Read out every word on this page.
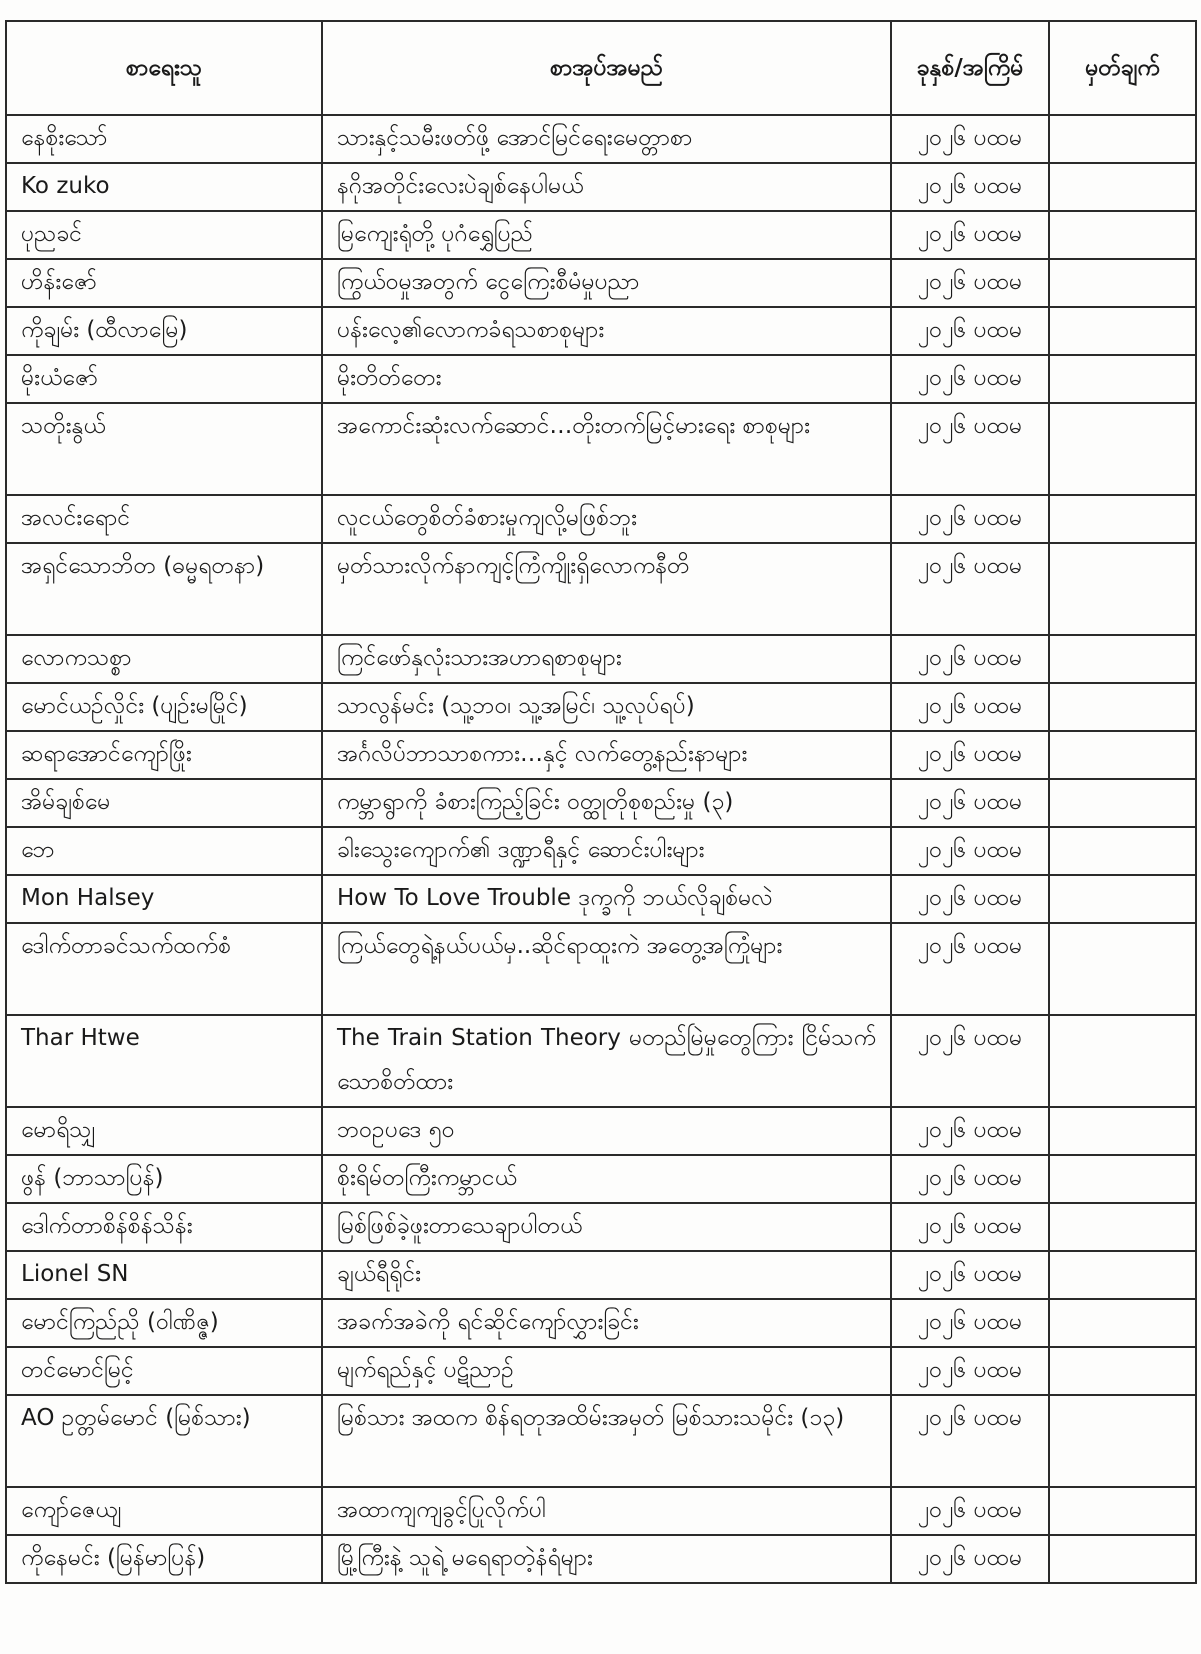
စာရေးသူ	စာအုပ်အမည်	ခုနှစ်/အကြိမ်	မှတ်ချက်
နေစိုးသော်	သားနှင့်သမီးဖတ်ဖို့ အောင်မြင်ရေးမေတ္တာစာ	၂၀၂၆ ပထမ	
Ko zuko	နဂိုအတိုင်းလေးပဲချစ်နေပါမယ်	၂၀၂၆ ပထမ	
ပုညခင်	မြကျေးရုံတို့ ပုဂံရွှေပြည်	၂၀၂၆ ပထမ	
ဟိန်းဇော်	ကြွယ်ဝမှုအတွက် ငွေကြေးစီမံမှုပညာ	၂၀၂၆ ပထမ	
ကိုချမ်း (ထီလာမြေ)	ပန်းလေ့၏လောကခံရသစာစုများ	၂၀၂၆ ပထမ	
မိုးယံဇော်	မိုးတိတ်တေး	၂၀၂၆ ပထမ	
သတိုးနွယ်	အကောင်းဆုံးလက်ဆောင်…တိုးတက်မြင့်မားရေး စာစုများ	၂၀၂၆ ပထမ	
အလင်းရောင်	လူငယ်တွေစိတ်ခံစားမှုကျလို့မဖြစ်ဘူး	၂၀၂၆ ပထမ	
အရှင်သောဘိတ (ဓမ္မရတနာ)	မှတ်သားလိုက်နာကျင့်ကြံကျိုးရှိလောကနီတိ	၂၀၂၆ ပထမ	
လောကသစ္စာ	ကြင်ဖော်နှလုံးသားအဟာရစာစုများ	၂၀၂၆ ပထမ	
မောင်ယဉ်လှိုင်း (ပျဉ်းမမြိုင်)	သာလွန်မင်း (သူ့ဘဝ၊ သူ့အမြင်၊ သူ့လုပ်ရပ်)	၂၀၂၆ ပထမ	
ဆရာအောင်ကျော်ဖြိုး	အင်္ဂလိပ်ဘာသာစကား…နှင့် လက်တွေ့နည်းနာများ	၂၀၂၆ ပထမ	
အိမ်ချစ်မေ	ကမ္ဘာရွာကို ခံစားကြည့်ခြင်း ဝတ္ထုတိုစုစည်းမှု (၃)	၂၀၂၆ ပထမ	
ဘေ	ခါးသွေးကျောက်၏ ဒဏ္ဍာရီနှင့် ဆောင်းပါးများ	၂၀၂၆ ပထမ	
Mon Halsey	How To Love Trouble ဒုက္ခကို ဘယ်လိုချစ်မလဲ	၂၀၂၆ ပထမ	
ဒေါက်တာခင်သက်ထက်စံ	ကြယ်တွေရဲ့နယ်ပယ်မှ..ဆိုင်ရာထူးကဲ အတွေ့အကြုံများ	၂၀၂၆ ပထမ	
Thar Htwe	The Train Station Theory မတည်မြဲမှုတွေကြား ငြိမ်သက်သောစိတ်ထား	၂၀၂၆ ပထမ	
မောရိသျှ	ဘဝဥပဒေ ၅၀	၂၀၂၆ ပထမ	
ဖွန် (ဘာသာပြန်)	စိုးရိမ်တကြီးကမ္ဘာငယ်	၂၀၂၆ ပထမ	
ဒေါက်တာစိန်စိန်သိန်း	မြစ်ဖြစ်ခဲ့ဖူးတာသေချာပါတယ်	၂၀၂၆ ပထမ	
Lionel SN	ချယ်ရီရိုင်း	၂၀၂၆ ပထမ	
မောင်ကြည်ညို (ဝါဏိဇ္ဇ)	အခက်အခဲကို ရင်ဆိုင်ကျော်လွှားခြင်း	၂၀၂၆ ပထမ	
တင်မောင်မြင့်	မျက်ရည်နှင့် ပဋိညာဉ်	၂၀၂၆ ပထမ	
AO ဥတ္တမ်မောင် (မြစ်သား)	မြစ်သား အထက စိန်ရတုအထိမ်းအမှတ် မြစ်သားသမိုင်း (၁၃)	၂၀၂၆ ပထမ	
ကျော်ဇေယျ	အထာကျကျခွင့်ပြုလိုက်ပါ	၂၀၂၆ ပထမ	
ကိုနေမင်း (မြန်မာပြန်)	မြို့ကြီးနဲ့ သူရဲ့ မရေရာတဲ့နံရံများ	၂၀၂၆ ပထမ	
